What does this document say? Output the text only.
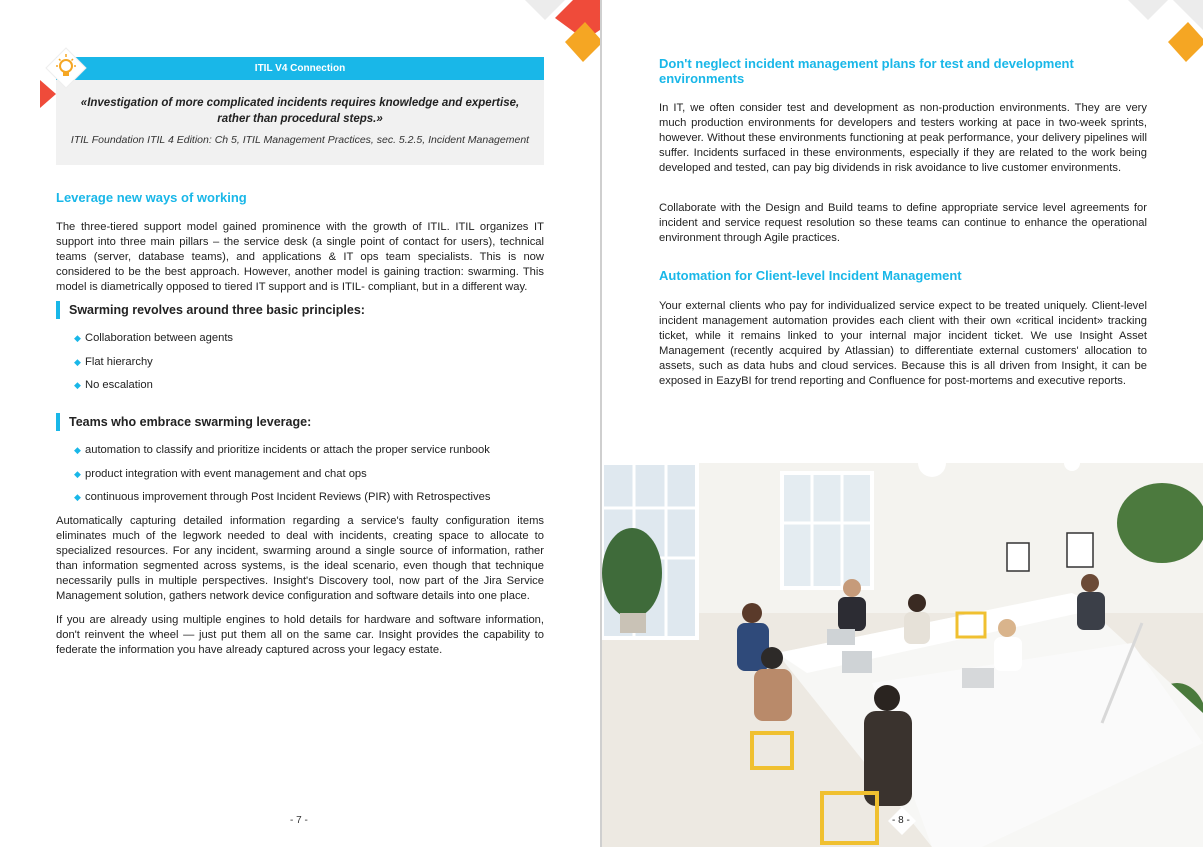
ITIL V4 Connection
«Investigation of more complicated incidents requires knowledge and expertise,
rather than procedural steps.»
ITIL Foundation ITIL 4 Edition: Ch 5, ITIL Management Practices, sec. 5.2.5, Incident Management
Leverage new ways of working

The three-tiered support model gained prominence with the growth of ITIL. ITIL organizes IT support into three main pillars – the service desk (a single point of contact for users), technical teams (server, database teams), and applications & IT ops team specialists. This is now considered to be the best approach. However, another model is gaining traction: swarming. This model is diametrically opposed to tiered IT support and is ITIL- compliant, but in a different way.

Swarming revolves around three basic principles:
◆ Collaboration between agents
◆ Flat hierarchy
◆ No escalation
Teams who embrace swarming leverage:
◆ automation to classify and prioritize incidents or attach the proper service runbook
◆ product integration with event management and chat ops
◆ continuous improvement through Post Incident Reviews (PIR) with Retrospectives

Automatically capturing detailed information regarding a service's faulty configuration items eliminates much of the legwork needed to deal with incidents, creating space to allocate to specialized resources. For any incident, swarming around a single source of information, rather than information segmented across systems, is the ideal scenario, even though that technique necessarily pulls in multiple perspectives. Insight's Discovery tool, now part of the Jira Service Management solution, gathers network device configuration and software details into one place.

If you are already using multiple engines to hold details for hardware and software information, don't reinvent the wheel — just put them all on the same car. Insight provides the capability to federate the information you have already captured across your legacy estate.

- 7 -
Don't neglect incident management plans for test and development
environments

In IT, we often consider test and development as non-production environments. They are very much production environments for developers and testers working at pace in two-week sprints, however. Without these environments functioning at peak performance, your delivery pipelines will suffer. Incidents surfaced in these environments, especially if they are related to the work being developed and tested, can pay big dividends in risk avoidance to live customer environments.

Collaborate with the Design and Build teams to define appropriate service level agreements for incident and service request resolution so these teams can continue to enhance the operational environment through Agile practices.

Automation for Client-level Incident Management

Your external clients who pay for individualized service expect to be treated uniquely. Client-level incident management automation provides each client with their own «critical incident» tracking ticket, while it remains linked to your internal major incident ticket. We use Insight Asset Management (recently acquired by Atlassian) to differentiate external customers' allocation to assets, such as data hubs and cloud services. Because this is all driven from Insight, it can be exposed in EazyBI for trend reporting and Confluence for post-mortems and executive reports.

- 8 -
